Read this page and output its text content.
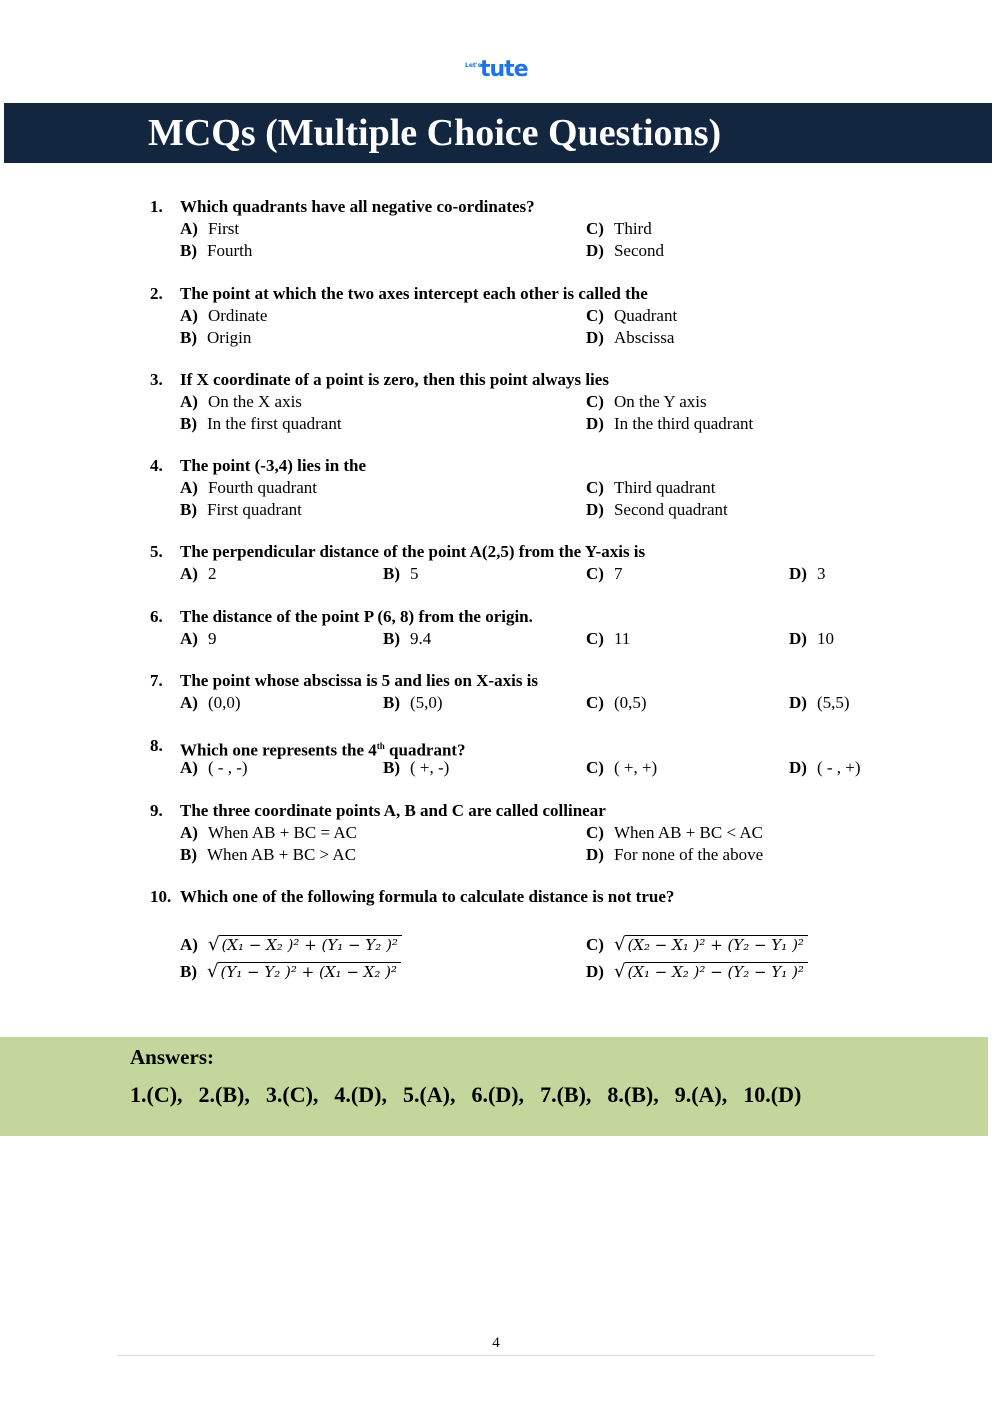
Let's
tute
MCQs (Multiple Choice Questions)
1. Which quadrants have all negative co-ordinates?
A) First	C) Third
B) Fourth	D) Second
2. The point at which the two axes intercept each other is called the
A) Ordinate	C) Quadrant
B) Origin	D) Abscissa
3. If X coordinate of a point is zero, then this point always lies
A) On the X axis	C) On the Y axis
B) In the first quadrant	D) In the third quadrant
4. The point (-3,4) lies in the
A) Fourth quadrant	C) Third quadrant
B) First quadrant	D) Second quadrant
5. The perpendicular distance of the point A(2,5) from the Y-axis is
A) 2	B) 5	C) 7	D) 3
6. The distance of the point P (6, 8) from the origin.
A) 9	B) 9.4	C) 11	D) 10
7. The point whose abscissa is 5 and lies on X-axis is
A) (0,0)	B) (5,0)	C) (0,5)	D) (5,5)
8. Which one represents the 4th quadrant?
A) ( - , -)	B) ( +, -)	C) ( +, +)	D) ( - , +)
9. The three coordinate points A, B and C are called collinear
A) When AB + BC = AC	C) When AB + BC < AC
B) When AB + BC > AC	D) For none of the above
10. Which one of the following formula to calculate distance is not true?
A) √ (X₁ − X₂ )² + (Y₁ − Y₂ )²	C) √ (X₂ − X₁ )² + (Y₂ − Y₁ )²
B) √ (Y₁ − Y₂ )² + (X₁ − X₂ )²	D) √ (X₁ − X₂ )² − (Y₂ − Y₁ )²
Answers:
1.(C), 2.(B), 3.(C), 4.(D), 5.(A), 6.(D), 7.(B), 8.(B), 9.(A), 10.(D)
4
